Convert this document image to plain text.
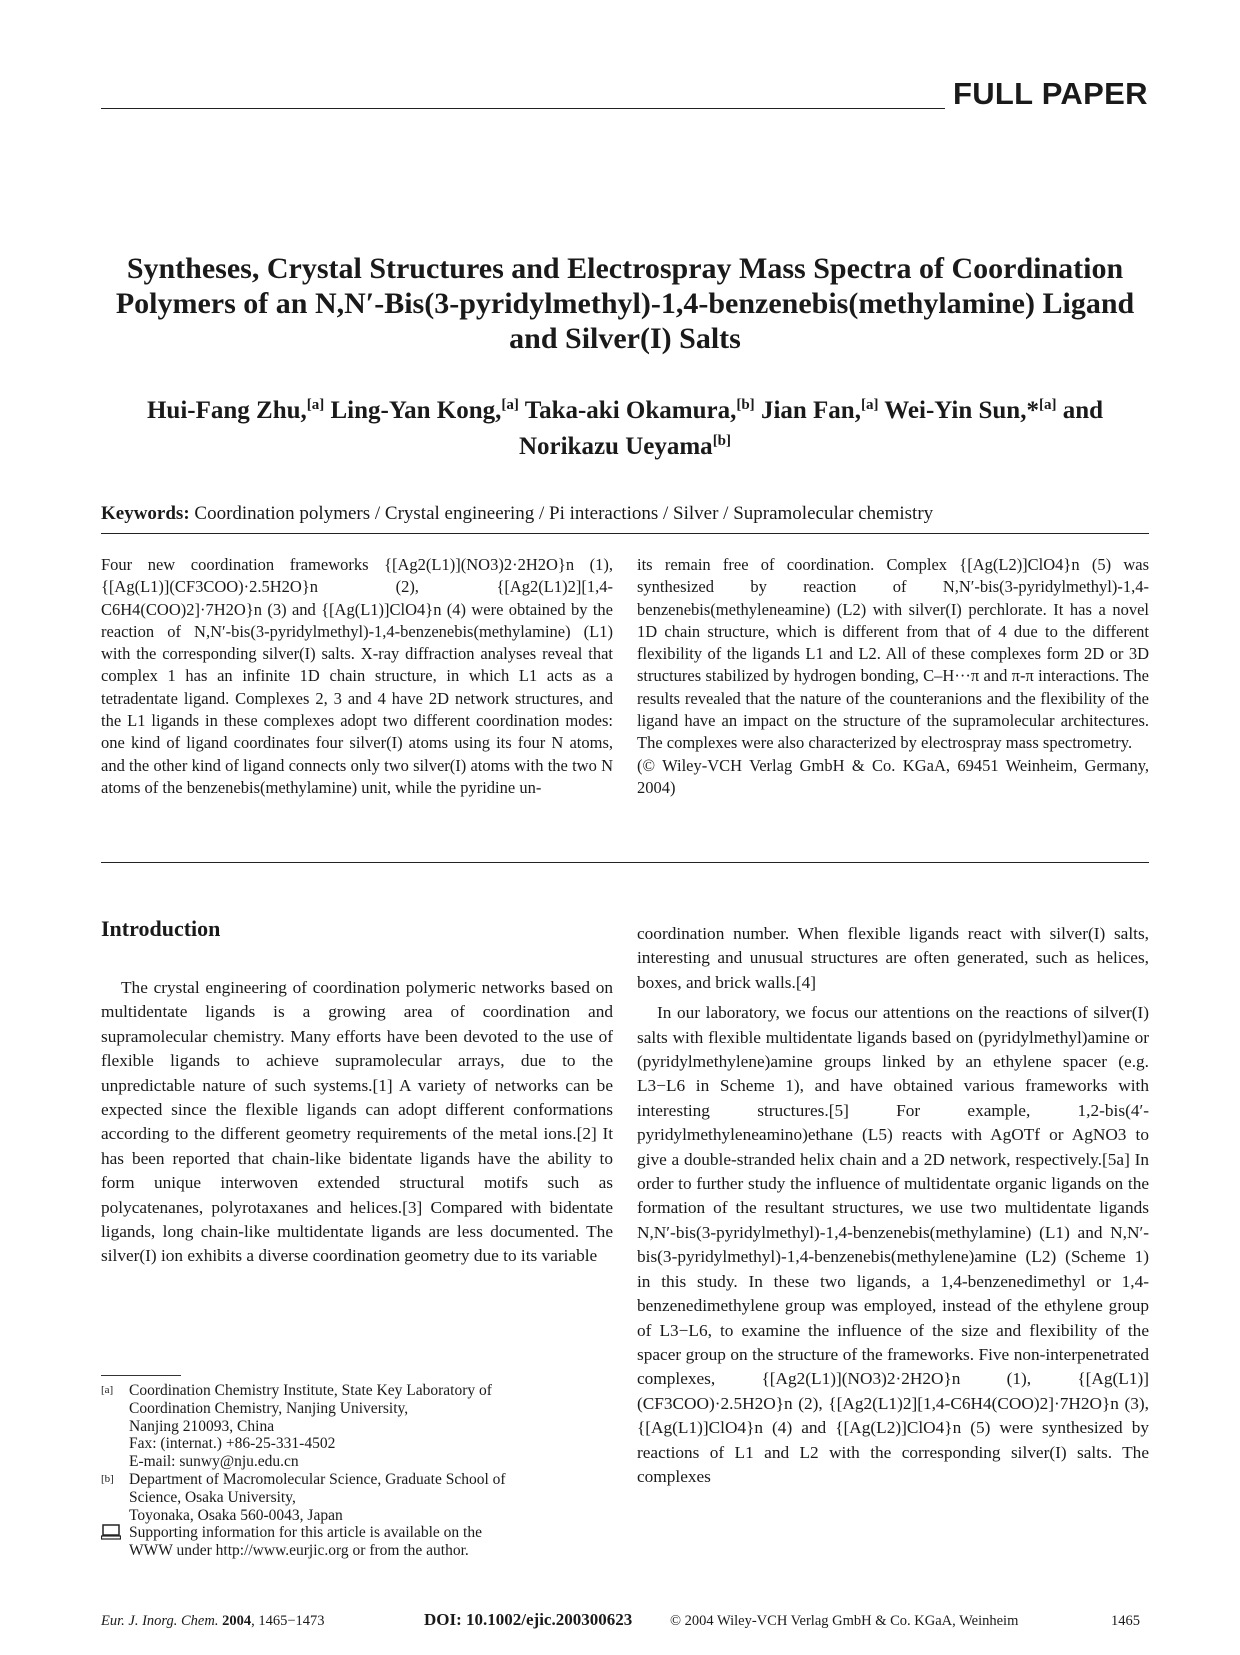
FULL PAPER
Syntheses, Crystal Structures and Electrospray Mass Spectra of Coordination
Polymers of an N,N′-Bis(3-pyridylmethyl)-1,4-benzenebis(methylamine) Ligand
and Silver(I) Salts
Hui-Fang Zhu,[a] Ling-Yan Kong,[a] Taka-aki Okamura,[b] Jian Fan,[a] Wei-Yin Sun,*[a] and
Norikazu Ueyama[b]
Keywords: Coordination polymers / Crystal engineering / Pi interactions / Silver / Supramolecular chemistry

Four new coordination frameworks {[Ag2(L1)](NO3)2·2H2O}n (1), {[Ag(L1)](CF3COO)·2.5H2O}n (2), {[Ag2(L1)2][1,4-C6H4(COO)2]·7H2O}n (3) and {[Ag(L1)]ClO4}n (4) were obtained by the reaction of N,N′-bis(3-pyridylmethyl)-1,4-benzenebis(methylamine) (L1) with the corresponding silver(I) salts. X-ray diffraction analyses reveal that complex 1 has an infinite 1D chain structure, in which L1 acts as a tetradentate ligand. Complexes 2, 3 and 4 have 2D network structures, and the L1 ligands in these complexes adopt two different coordination modes: one kind of ligand coordinates four silver(I) atoms using its four N atoms, and the other kind of ligand connects only two silver(I) atoms with the two N atoms of the benzenebis(methylamine) unit, while the pyridine un-

its remain free of coordination. Complex {[Ag(L2)]ClO4}n (5) was synthesized by reaction of N,N′-bis(3-pyridylmethyl)-1,4-benzenebis(methyleneamine) (L2) with silver(I) perchlorate. It has a novel 1D chain structure, which is different from that of 4 due to the different flexibility of the ligands L1 and L2. All of these complexes form 2D or 3D structures stabilized by hydrogen bonding, C–H···π and π-π interactions. The results revealed that the nature of the counteranions and the flexibility of the ligand have an impact on the structure of the supramolecular architectures. The complexes were also characterized by electrospray mass spectrometry.

(© Wiley-VCH Verlag GmbH & Co. KGaA, 69451 Weinheim, Germany, 2004)

Introduction

The crystal engineering of coordination polymeric networks based on multidentate ligands is a growing area of coordination and supramolecular chemistry. Many efforts have been devoted to the use of flexible ligands to achieve supramolecular arrays, due to the unpredictable nature of such systems.[1] A variety of networks can be expected since the flexible ligands can adopt different conformations according to the different geometry requirements of the metal ions.[2] It has been reported that chain-like bidentate ligands have the ability to form unique interwoven extended structural motifs such as polycatenanes, polyrotaxanes and helices.[3] Compared with bidentate ligands, long chain-like multidentate ligands are less documented. The silver(I) ion exhibits a diverse coordination geometry due to its variable

coordination number. When flexible ligands react with silver(I) salts, interesting and unusual structures are often generated, such as helices, boxes, and brick walls.[4]

In our laboratory, we focus our attentions on the reactions of silver(I) salts with flexible multidentate ligands based on (pyridylmethyl)amine or (pyridylmethylene)amine groups linked by an ethylene spacer (e.g. L3−L6 in Scheme 1), and have obtained various frameworks with interesting structures.[5] For example, 1,2-bis(4′-pyridylmethyleneamino)ethane (L5) reacts with AgOTf or AgNO3 to give a double-stranded helix chain and a 2D network, respectively.[5a] In order to further study the influence of multidentate organic ligands on the formation of the resultant structures, we use two multidentate ligands N,N′-bis(3-pyridylmethyl)-1,4-benzenebis(methylamine) (L1) and N,N′-bis(3-pyridylmethyl)-1,4-benzenebis(methylene)amine (L2) (Scheme 1) in this study. In these two ligands, a 1,4-benzenedimethyl or 1,4-benzenedimethylene group was employed, instead of the ethylene group of L3−L6, to examine the influence of the size and flexibility of the spacer group on the structure of the frameworks. Five non-interpenetrated complexes, {[Ag2(L1)](NO3)2·2H2O}n (1), {[Ag(L1)](CF3COO)·2.5H2O}n (2), {[Ag2(L1)2][1,4-C6H4(COO)2]·7H2O}n (3), {[Ag(L1)]ClO4}n (4) and {[Ag(L2)]ClO4}n (5) were synthesized by reactions of L1 and L2 with the corresponding silver(I) salts. The complexes

[a]	Coordination Chemistry Institute, State Key Laboratory of
Coordination Chemistry, Nanjing University,
Nanjing 210093, China
Fax: (internat.) +86-25-331-4502
E-mail: sunwy@nju.edu.cn
[b] Department of Macromolecular Science, Graduate School of
Science, Osaka University,
Toyonaka, Osaka 560-0043, Japan
Supporting information for this article is available on the
WWW under http://www.eurjic.org or from the author.
Eur. J. Inorg. Chem. 2004, 1465−1473	DOI: 10.1002/ejic.200300623	© 2004 Wiley-VCH Verlag GmbH & Co. KGaA, Weinheim	1465
